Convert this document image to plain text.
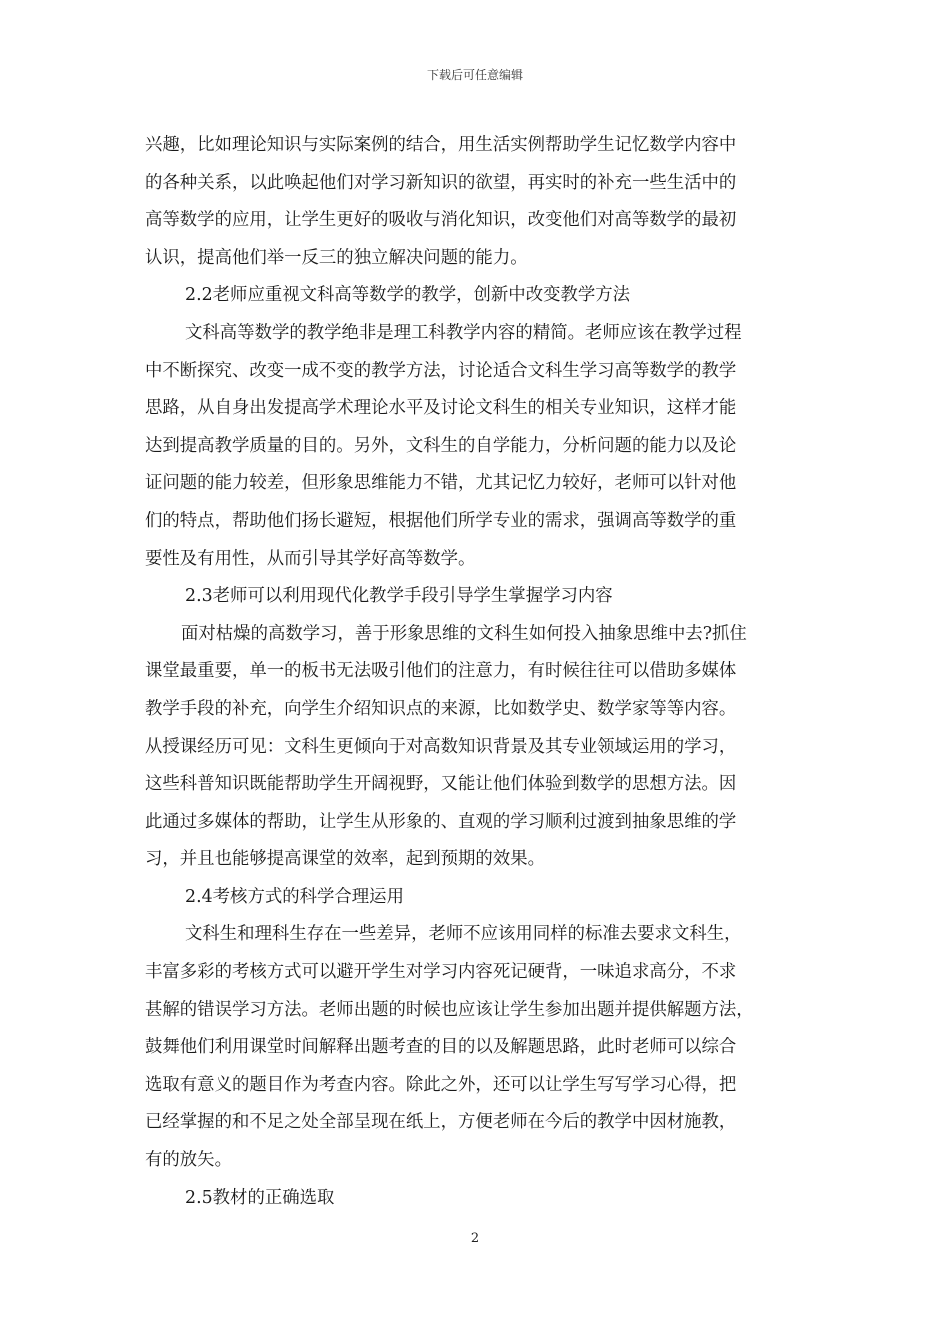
下载后可任意编辑
兴趣，比如理论知识与实际案例的结合，用生活实例帮助学生记忆数学内容中
的各种关系，以此唤起他们对学习新知识的欲望，再实时的补充一些生活中的
高等数学的应用，让学生更好的吸收与消化知识，改变他们对高等数学的最初
认识，提高他们举一反三的独立解决问题的能力。
2.2老师应重视文科高等数学的教学，创新中改变教学方法
文科高等数学的教学绝非是理工科教学内容的精简。老师应该在教学过程
中不断探究、改变一成不变的教学方法，讨论适合文科生学习高等数学的教学
思路，从自身出发提高学术理论水平及讨论文科生的相关专业知识，这样才能
达到提高教学质量的目的。另外，文科生的自学能力，分析问题的能力以及论
证问题的能力较差，但形象思维能力不错，尤其记忆力较好，老师可以针对他
们的特点，帮助他们扬长避短，根据他们所学专业的需求，强调高等数学的重
要性及有用性，从而引导其学好高等数学。
2.3老师可以利用现代化教学手段引导学生掌握学习内容
面对枯燥的高数学习，善于形象思维的文科生如何投入抽象思维中去?抓住
课堂最重要，单一的板书无法吸引他们的注意力，有时候往往可以借助多媒体
教学手段的补充，向学生介绍知识点的来源，比如数学史、数学家等等内容。
从授课经历可见：文科生更倾向于对高数知识背景及其专业领域运用的学习，
这些科普知识既能帮助学生开阔视野，又能让他们体验到数学的思想方法。因
此通过多媒体的帮助，让学生从形象的、直观的学习顺利过渡到抽象思维的学
习，并且也能够提高课堂的效率，起到预期的效果。
2.4考核方式的科学合理运用
文科生和理科生存在一些差异，老师不应该用同样的标准去要求文科生，
丰富多彩的考核方式可以避开学生对学习内容死记硬背，一味追求高分，不求
甚解的错误学习方法。老师出题的时候也应该让学生参加出题并提供解题方法，
鼓舞他们利用课堂时间解释出题考查的目的以及解题思路，此时老师可以综合
选取有意义的题目作为考查内容。除此之外，还可以让学生写写学习心得，把
已经掌握的和不足之处全部呈现在纸上，方便老师在今后的教学中因材施教，
有的放矢。
2.5教材的正确选取
2
